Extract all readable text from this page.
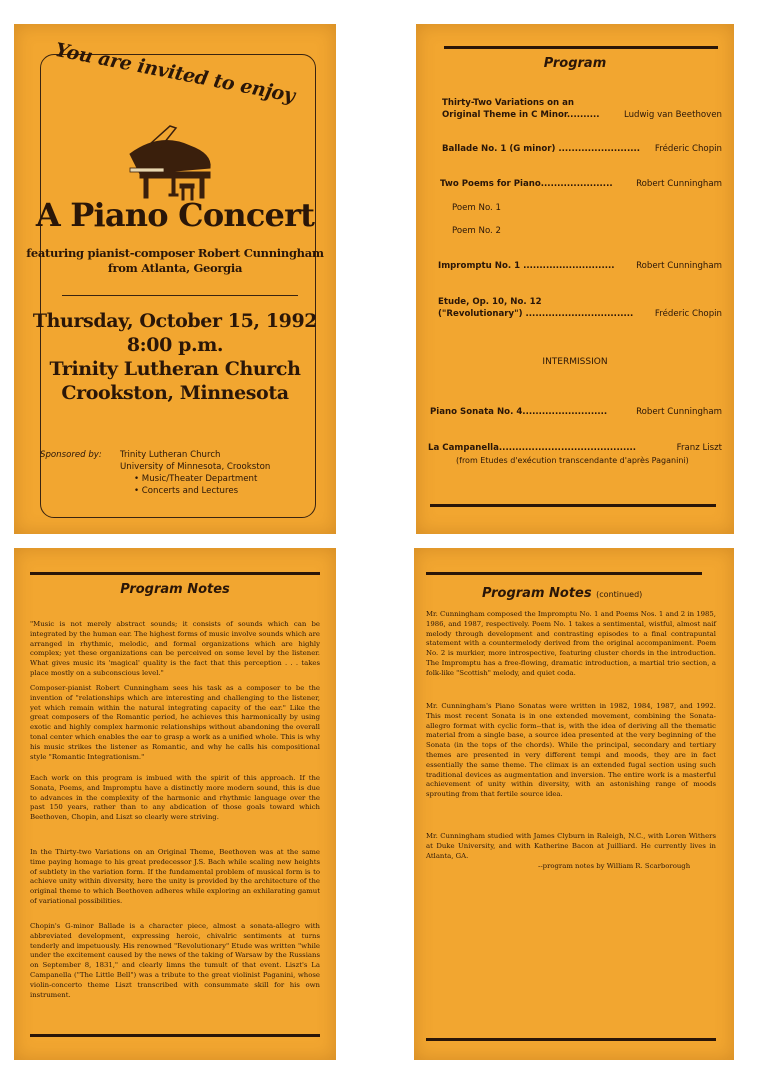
You are invited to enjoy
A Piano Concert
featuring pianist-composer Robert Cunningham
from Atlanta, Georgia
Thursday, October 15, 1992
8:00 p.m.
Trinity Lutheran Church
Crookston, Minnesota
Sponsored by: Trinity Lutheran Church
University of Minnesota, Crookston
• Music/Theater Department
• Concerts and Lectures
Program
Thirty-Two Variations on an
Original Theme in C Minor..........	Ludwig van Beethoven
Ballade No. 1 (G minor) ......................... Fréderic Chopin
Two Poems for Piano......................	Robert Cunningham
Poem No. 1
Poem No. 2
Impromptu No. 1 ............................	Robert Cunningham
Etude, Op. 10, No. 12
("Revolutionary") .................................	Fréderic Chopin
INTERMISSION
Piano Sonata No. 4..........................	Robert Cunningham
La Campanella..........................................	Franz Liszt
(from Etudes d'exécution transcendante d'après Paganini)
Program Notes
"Music is not merely abstract sounds; it consists of sounds which can be integrated by the human ear. The highest forms of music involve sounds which are arranged in rhythmic, melodic, and formal organizations which are highly complex; yet these organizations can be perceived on some level by the listener. What gives music its 'magical' quality is the fact that this perception . . . takes place mostly on a subconscious level."
Composer-pianist Robert Cunningham sees his task as a composer to be the invention of "relationships which are interesting and challenging to the listener, yet which remain within the natural integrating capacity of the ear." Like the great composers of the Romantic period, he achieves this harmonically by using exotic and highly complex harmonic relationships without abandoning the overall tonal center which enables the ear to grasp a work as a unified whole. This is why his music strikes the listener as Romantic, and why he calls his compositional style "Romantic Integrationism."
Each work on this program is imbued with the spirit of this approach. If the Sonata, Poems, and Impromptu have a distinctly more modern sound, this is due to advances in the complexity of the harmonic and rhythmic language over the past 150 years, rather than to any abdication of those goals toward which Beethoven, Chopin, and Liszt so clearly were striving.
In the Thirty-two Variations on an Original Theme, Beethoven was at the same time paying homage to his great predecessor J.S. Bach while scaling new heights of subtlety in the variation form. If the fundamental problem of musical form is to achieve unity within diversity, here the unity is provided by the architecture of the original theme to which Beethoven adheres while exploring an exhilarating gamut of variational possibilities.
Chopin's G-minor Ballade is a character piece, almost a sonata-allegro with abbreviated development, expressing heroic, chivalric sentiments at turns tenderly and impetuously. His renowned "Revolutionary" Etude was written "while under the excitement caused by the news of the taking of Warsaw by the Russians on September 8, 1831," and clearly limns the tumult of that event. Liszt's La Campanella ("The Little Bell") was a tribute to the great violinist Paganini, whose violin-concerto theme Liszt transcribed with consummate skill for his own instrument.
Program Notes (continued)
Mr. Cunningham composed the Impromptu No. 1 and Poems Nos. 1 and 2 in 1985, 1986, and 1987, respectively. Poem No. 1 takes a sentimental, wistful, almost naif melody through development and contrasting episodes to a final contrapuntal statement with a countermelody derived from the original accompaniment. Poem No. 2 is murkier, more introspective, featuring cluster chords in the introduction. The Impromptu has a free-flowing, dramatic introduction, a martial trio section, a folk-like "Scottish" melody, and quiet coda.
Mr. Cunningham's Piano Sonatas were written in 1982, 1984, 1987, and 1992. This most recent Sonata is in one extended movement, combining the Sonata-allegro format with cyclic form--that is, with the idea of deriving all the thematic material from a single base, a source idea presented at the very beginning of the Sonata (in the tops of the chords). While the principal, secondary and tertiary themes are presented in very different tempi and moods, they are in fact essentially the same theme. The climax is an extended fugal section using such traditional devices as augmentation and inversion. The entire work is a masterful achievement of unity within diversity, with an astonishing range of moods sprouting from that fertile source idea.
Mr. Cunningham studied with James Clyburn in Raleigh, N.C., with Loren Withers at Duke University, and with Katherine Bacon at Juilliard. He currently lives in Atlanta, GA.
--program notes by William R. Scarborough
